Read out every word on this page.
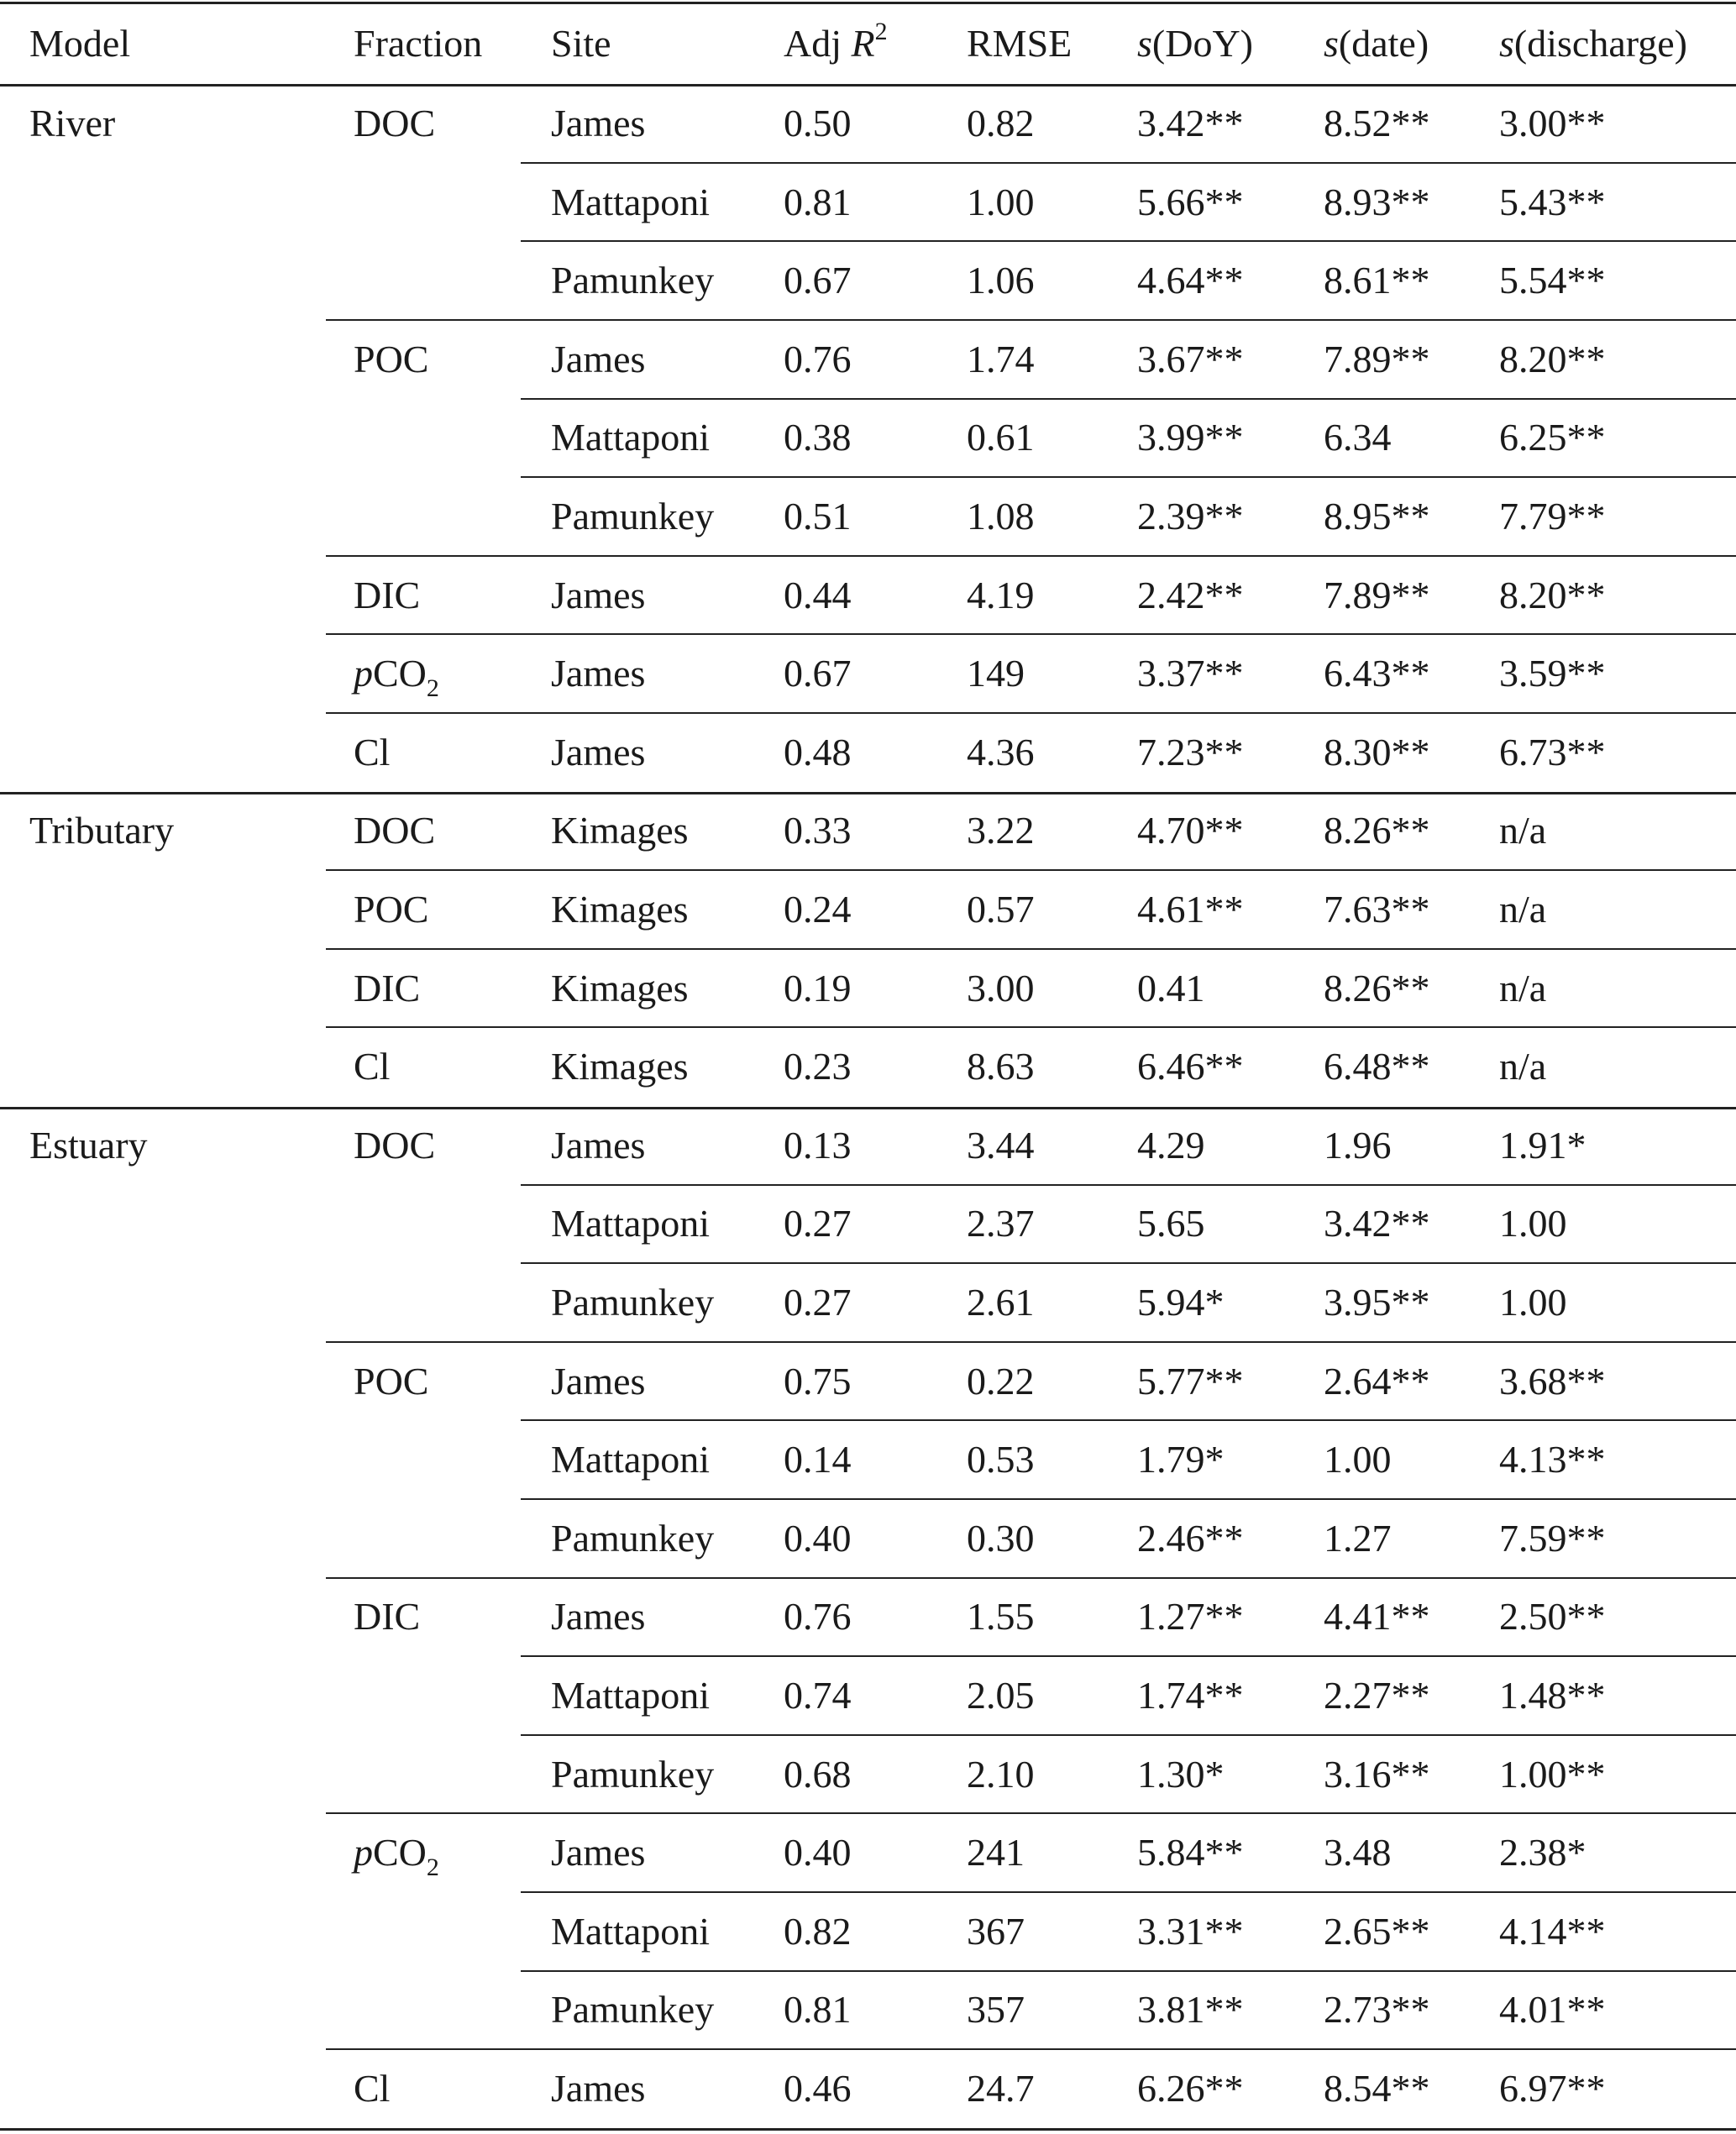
Model	Fraction Site	Adj $R^2$ RMSE s(DoY) s(date) s(discharge)
River	DOC	James	0.50	0.82	3.42** 8.52** 3.00**
Mattaponi 0.81	1.00	5.66** 8.93** 5.43**
Pamunkey 0.67	1.06	4.64** 8.61** 5.54**
POC	James	0.76	1.74	3.67** 7.89** 8.20**
Mattaponi 0.38	0.61	3.99** 6.34	6.25**
Pamunkey 0.51	1.08	2.39** 8.95** 7.79**
DIC	James	0.44	4.19	2.42** 7.89** 8.20**
pCO$_2$	James	0.67	149	3.37** 6.43** 3.59**
Cl	James	0.48	4.36	7.23** 8.30** 6.73**
Tributary	DOC	Kimages 0.33	3.22	4.70** 8.26** n/a
POC	Kimages 0.24	0.57	4.61** 7.63** n/a
DIC	Kimages 0.19	3.00	0.41	8.26** n/a
Cl	Kimages 0.23	8.63	6.46** 6.48** n/a
Estuary	DOC	James	0.13	3.44	4.29	1.96	1.91*
Mattaponi 0.27	2.37	5.65	3.42** 1.00
Pamunkey 0.27	2.61	5.94*	3.95** 1.00
POC	James	0.75	0.22	5.77** 2.64** 3.68**
Mattaponi 0.14	0.53	1.79*	1.00	4.13**
Pamunkey 0.40	0.30	2.46** 1.27	7.59**
DIC	James	0.76	1.55	1.27** 4.41** 2.50**
Mattaponi 0.74	2.05	1.74** 2.27** 1.48**
Pamunkey 0.68	2.10	1.30*	3.16** 1.00**
pCO$_2$	James	0.40	241	5.84** 3.48	2.38*
Mattaponi 0.82	367	3.31** 2.65** 4.14**
Pamunkey 0.81	357	3.81** 2.73** 4.01**
Cl	James	0.46	24.7	6.26** 8.54** 6.97**
